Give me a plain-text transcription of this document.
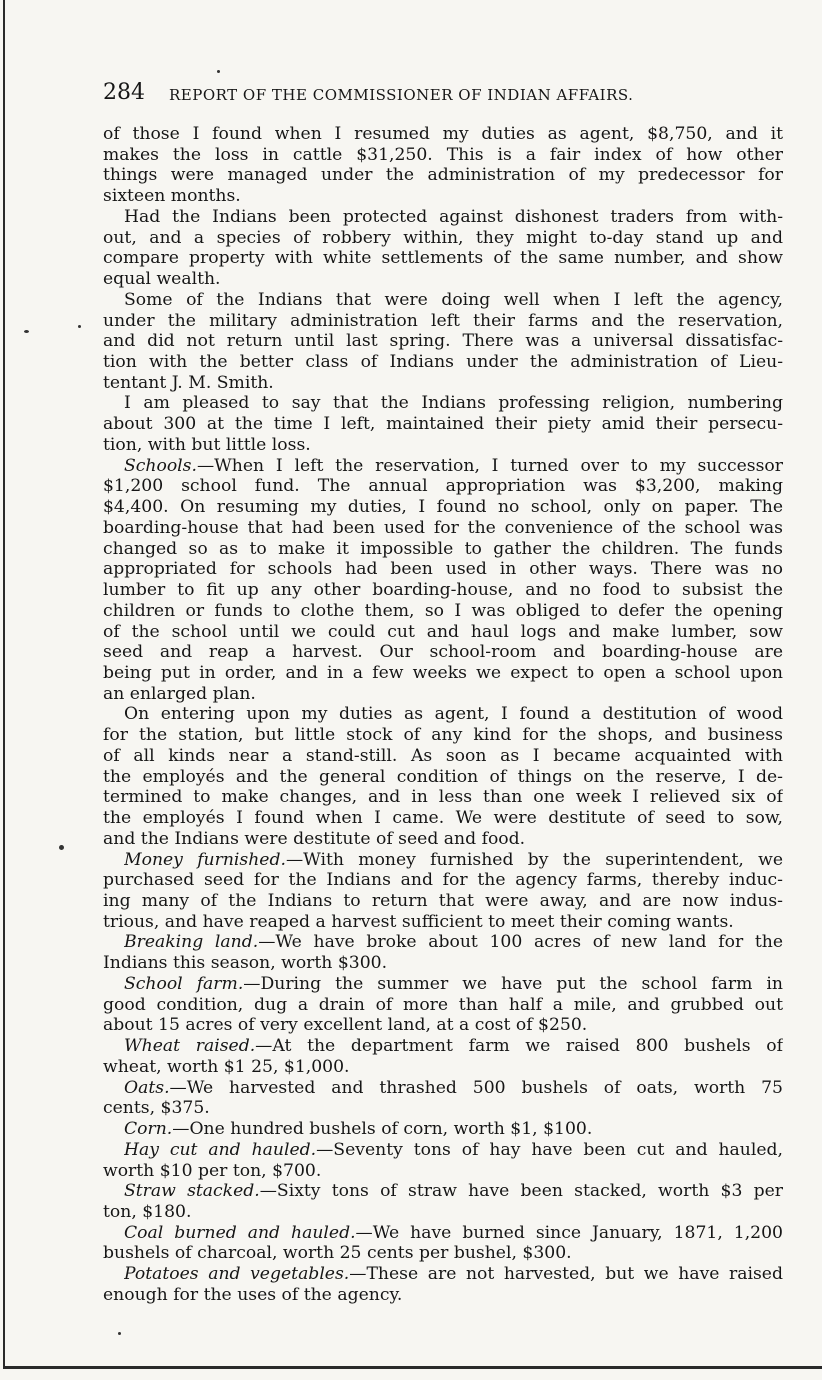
284 REPORT OF THE COMMISSIONER OF INDIAN AFFAIRS.
of those I found when I resumed my duties as agent, $8,750, and it
makes the loss in cattle $31,250. This is a fair index of how other
things were managed under the administration of my predecessor for
sixteen months.
Had the Indians been protected against dishonest traders from with-
out, and a species of robbery within, they might to-day stand up and
compare property with white settlements of the same number, and show
equal wealth.
Some of the Indians that were doing well when I left the agency,
under the military administration left their farms and the reservation,
and did not return until last spring. There was a universal dissatisfac-
tion with the better class of Indians under the administration of Lieu-
tentant J. M. Smith.
I am pleased to say that the Indians professing religion, numbering
about 300 at the time I left, maintained their piety amid their persecu-
tion, with but little loss.
Schools.—When I left the reservation, I turned over to my successor
$1,200 school fund. The annual appropriation was $3,200, making
$4,400. On resuming my duties, I found no school, only on paper. The
boarding-house that had been used for the convenience of the school was
changed so as to make it impossible to gather the children. The funds
appropriated for schools had been used in other ways. There was no
lumber to fit up any other boarding-house, and no food to subsist the
children or funds to clothe them, so I was obliged to defer the opening
of the school until we could cut and haul logs and make lumber, sow
seed and reap a harvest. Our school-room and boarding-house are
being put in order, and in a few weeks we expect to open a school upon
an enlarged plan.
On entering upon my duties as agent, I found a destitution of wood
for the station, but little stock of any kind for the shops, and business
of all kinds near a stand-still. As soon as I became acquainted with
the employés and the general condition of things on the reserve, I de-
termined to make changes, and in less than one week I relieved six of
the employés I found when I came. We were destitute of seed to sow,
and the Indians were destitute of seed and food.
Money furnished.—With money furnished by the superintendent, we
purchased seed for the Indians and for the agency farms, thereby induc-
ing many of the Indians to return that were away, and are now indus-
trious, and have reaped a harvest sufficient to meet their coming wants.
Breaking land.—We have broke about 100 acres of new land for the
Indians this season, worth $300.
School farm.—During the summer we have put the school farm in
good condition, dug a drain of more than half a mile, and grubbed out
about 15 acres of very excellent land, at a cost of $250.
Wheat raised.—At the department farm we raised 800 bushels of
wheat, worth $1 25, $1,000.
Oats.—We harvested and thrashed 500 bushels of oats, worth 75
cents, $375.
Corn.—One hundred bushels of corn, worth $1, $100.
Hay cut and hauled.—Seventy tons of hay have been cut and hauled,
worth $10 per ton, $700.
Straw stacked.—Sixty tons of straw have been stacked, worth $3 per
ton, $180.
Coal burned and hauled.—We have burned since January, 1871, 1,200
bushels of charcoal, worth 25 cents per bushel, $300.
Potatoes and vegetables.—These are not harvested, but we have raised
enough for the uses of the agency.
